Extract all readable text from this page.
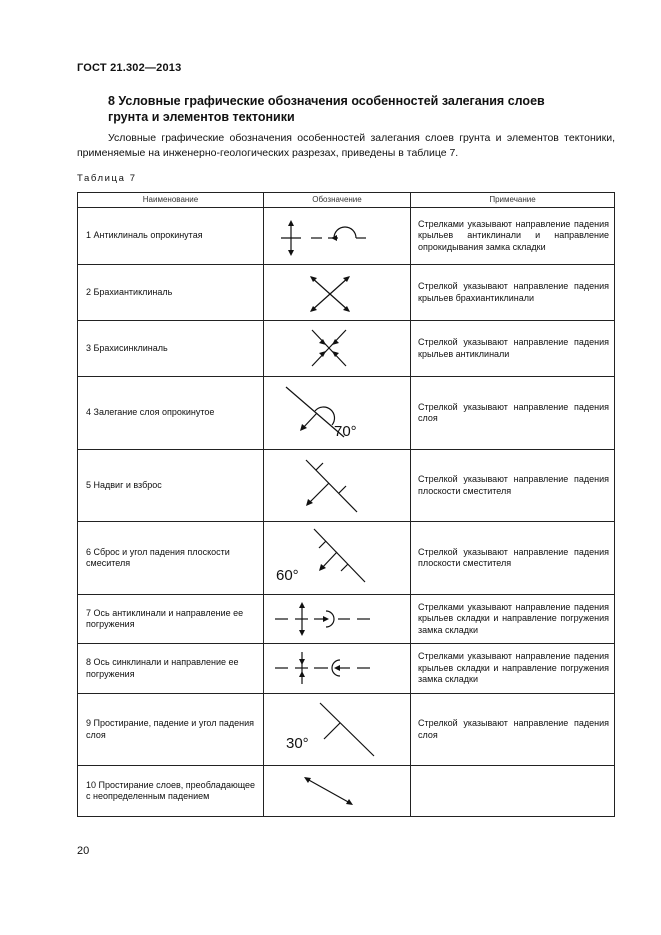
ГОСТ 21.302—2013
8 Условные графические обозначения особенностей залегания слоев грунта и элементов тектоники
Условные графические обозначения особенностей залегания слоев грунта и элементов тектоники, применяемые на инженерно-геологических разрезах, приведены в таблице 7.
Таблица 7
Наименование	Обозначение	Примечание
1 Антиклиналь опрокинутая		Стрелками указывают направление падения крыльев антиклинали и направление опрокидывания замка складки
2 Брахиантиклиналь		Стрелкой указывают направление падения крыльев брахиантиклинали
3 Брахисинклиналь		Стрелкой указывают направление падения крыльев антиклинали
4 Залегание слоя опрокинутое	70°	Стрелкой указывают направление падения слоя
5 Надвиг и взброс		Стрелкой указывают направление падения плоскости сместителя
6 Сброс и угол падения плоскости смесителя	60°	Стрелкой указывают направление падения плоскости сместителя
7 Ось антиклинали и направление ее погружения		Стрелками указывают направление падения крыльев складки и направление погружения замка складки
8 Ось синклинали и направление ее погружения		Стрелками указывают направление падения крыльев складки и направление погружения замка складки
9 Простирание, падение и угол падения слоя	30°	Стрелкой указывают направление падения слоя
10 Простирание слоев, преобладающее с неопределенным падением	

20
